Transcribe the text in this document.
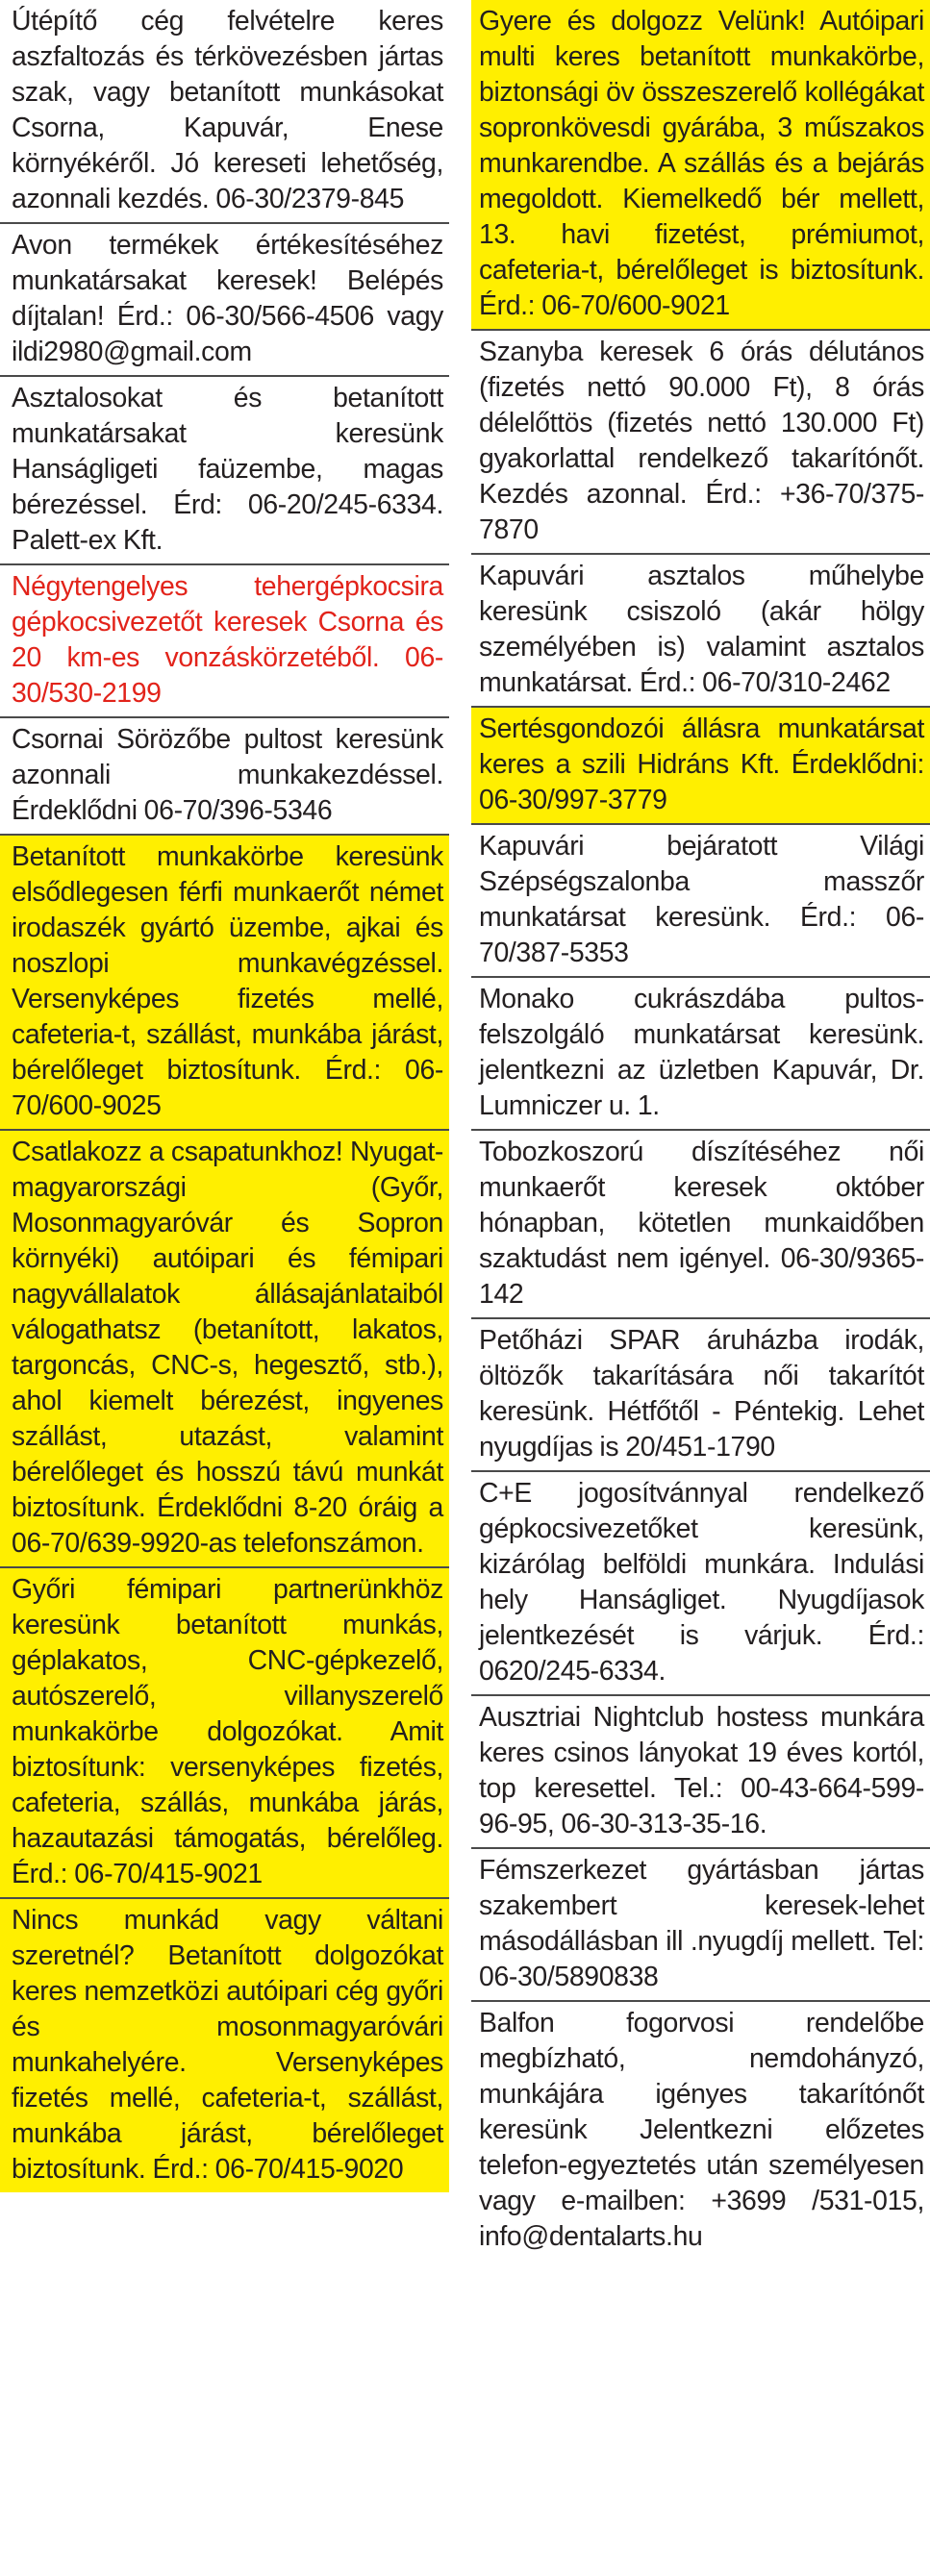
Útépítő cég felvételre keres aszfaltozás és térkövezésben jártas szak, vagy betanított munkásokat Csorna, Kapuvár, Enese környékéről. Jó kereseti lehetőség, azonnali kezdés. 06-30/2379-845

Avon termékek értékesítéséhez munkatársakat keresek! Belépés díjtalan! Érd.: 06-30/566-4506 vagy ildi2980@gmail.com

Asztalosokat és betanított munkatársakat keresünk Hanságligeti faüzembe, magas bérezéssel. Érd: 06-20/245-6334. Palett-ex Kft.

Négytengelyes tehergépkocsira gépkocsivezetőt keresek Csorna és 20 km-es vonzáskörzetéből. 06-30/530-2199

Csornai Sörözőbe pultost keresünk azonnali munkakezdéssel. Érdeklődni 06-70/396-5346

Betanított munkakörbe keresünk elsődlegesen férfi munkaerőt német irodaszék gyártó üzembe, ajkai és noszlopi munkavégzéssel. Versenyképes fizetés mellé, cafeteria-t, szállást, munkába járást, bérelőleget biztosítunk. Érd.: 06-70/600-9025

Csatlakozz a csapatunkhoz! Nyugat-magyarországi (Győr, Mosonmagyaróvár és Sopron környéki) autóipari és fémipari nagyvállalatok állásajánlataiból válogathatsz (betanított, lakatos, targoncás, CNC-s, hegesztő, stb.), ahol kiemelt bérezést, ingyenes szállást, utazást, valamint bérelőleget és hosszú távú munkát biztosítunk. Érdeklődni 8-20 óráig a 06-70/639-9920-as telefonszámon.

Győri fémipari partnerünkhöz keresünk betanított munkás, géplakatos, CNC-gépkezelő, autószerelő, villanyszerelő munkakörbe dolgozókat. Amit biztosítunk: versenyképes fizetés, cafeteria, szállás, munkába járás, hazautazási támogatás, bérelőleg. Érd.: 06-70/415-9021

Nincs munkád vagy váltani szeretnél? Betanított dolgozókat keres nemzetközi autóipari cég győri és mosonmagyaróvári munkahelyére. Versenyképes fizetés mellé, cafeteria-t, szállást, munkába járást, bérelőleget biztosítunk. Érd.: 06-70/415-9020

Gyere és dolgozz Velünk! Autóipari multi keres betanított munkakörbe, biztonsági öv összeszerelő kollégákat sopronkövesdi gyárába, 3 műszakos munkarendbe. A szállás és a bejárás megoldott. Kiemelkedő bér mellett, 13. havi fizetést, prémiumot, cafeteria-t, bérelőleget is biztosítunk. Érd.: 06-70/600-9021

Szanyba keresek 6 órás délutános (fizetés nettó 90.000 Ft), 8 órás délelőttös (fizetés nettó 130.000 Ft) gyakorlattal rendelkező takarítónőt. Kezdés azonnal. Érd.: +36-70/375-7870

Kapuvári asztalos műhelybe keresünk csiszoló (akár hölgy személyében is) valamint asztalos munkatársat. Érd.: 06-70/310-2462

Sertésgondozói állásra munkatársat keres a szili Hidráns Kft. Érdeklődni: 06-30/997-3779

Kapuvári bejáratott Világi Szépségszalonba masszőr munkatársat keresünk. Érd.: 06-70/387-5353

Monako cukrászdába pultos-felszolgáló munkatársat keresünk. jelentkezni az üzletben Kapuvár, Dr. Lumniczer u. 1.

Tobozkoszorú díszítéséhez női munkaerőt keresek október hónapban, kötetlen munkaidőben szaktudást nem igényel. 06-30/9365-142

Petőházi SPAR áruházba irodák, öltözők takarítására női takarítót keresünk. Hétfőtől - Péntekig. Lehet nyugdíjas is 20/451-1790

C+E jogosítvánnyal rendelkező gépkocsivezetőket keresünk, kizárólag belföldi munkára. Indulási hely Hanságliget. Nyugdíjasok jelentkezését is várjuk. Érd.: 0620/245-6334.

Ausztriai Nightclub hostess munkára keres csinos lányokat 19 éves kortól, top keresettel. Tel.: 00-43-664-599-96-95, 06-30-313-35-16.

Fémszerkezet gyártásban jártas szakembert keresek-lehet másodállásban ill .nyugdíj mellett. Tel: 06-30/5890838

Balfon fogorvosi rendelőbe megbízható, nemdohányzó, munkájára igényes takarítónőt keresünk Jelentkezni előzetes telefon-egyeztetés után személyesen vagy e-mailben: +3699 /531-015, info@dentalarts.hu
